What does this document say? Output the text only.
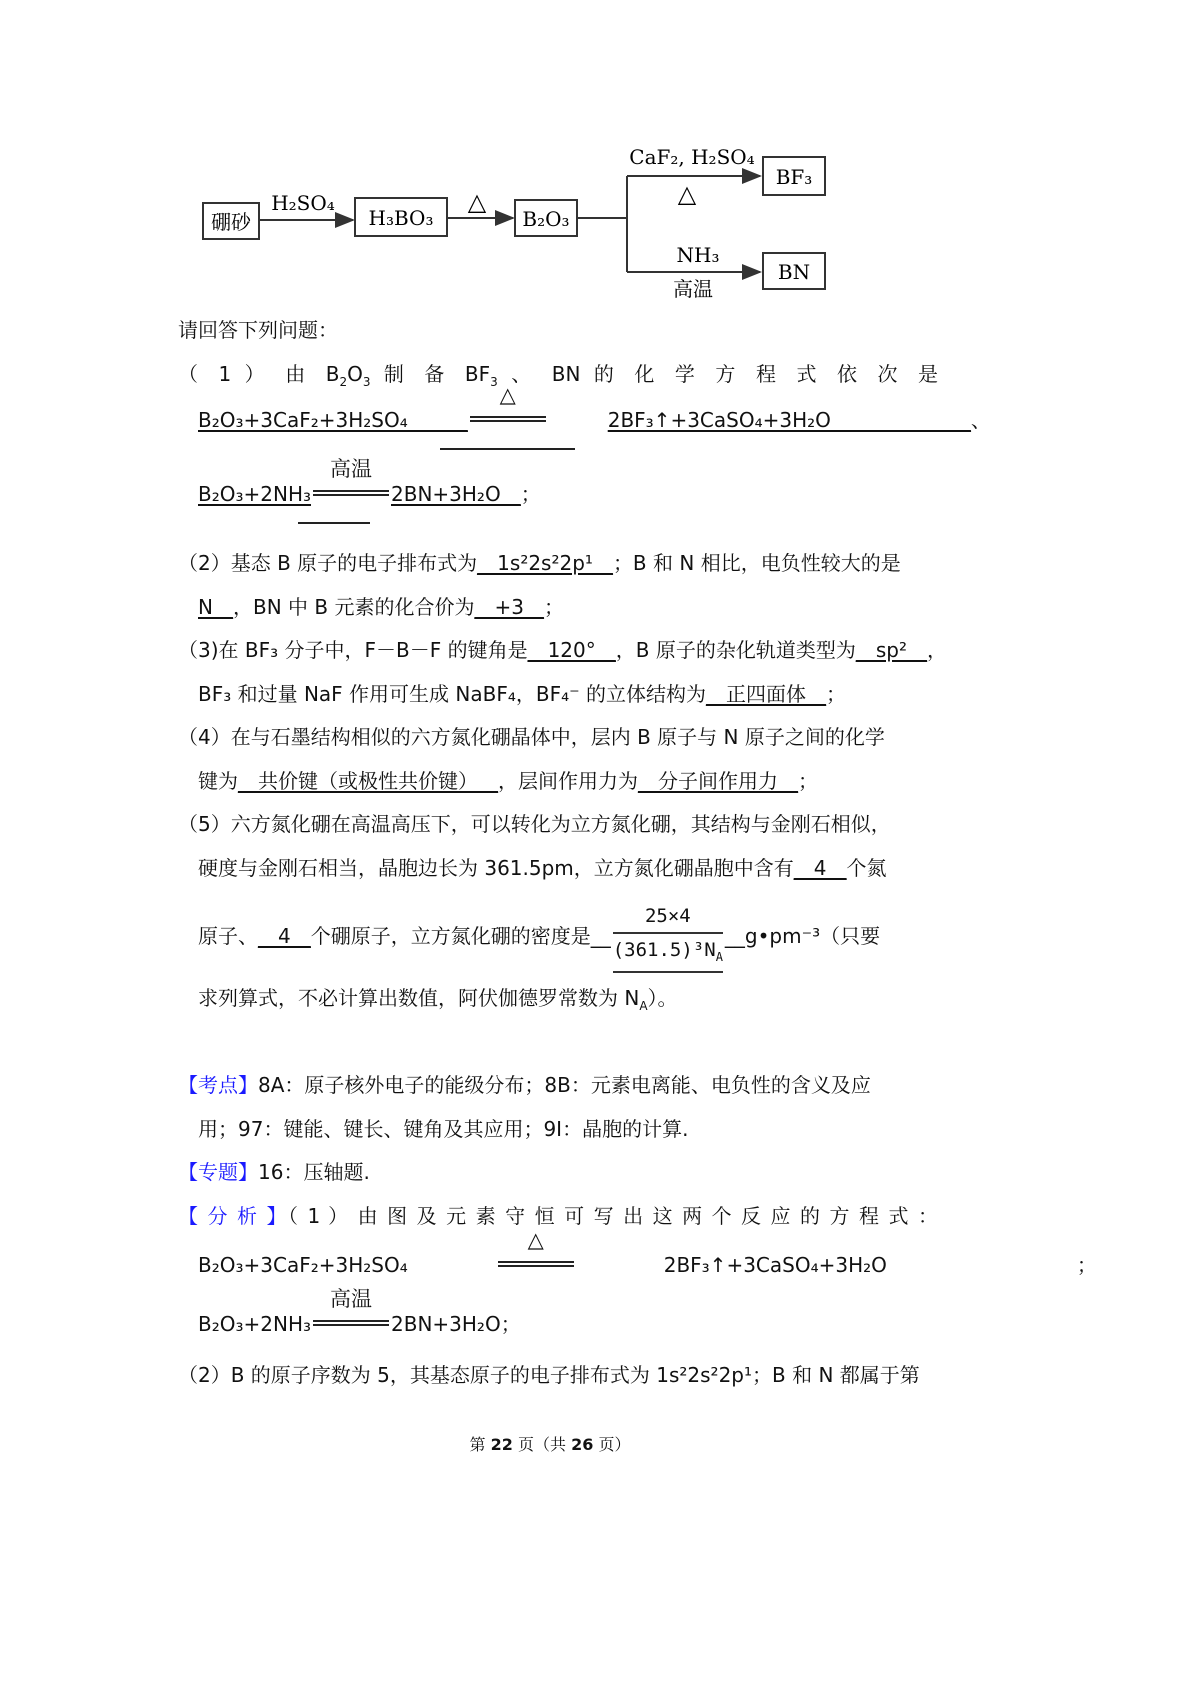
硼砂
H₂SO₄
H₃BO₃
△
B₂O₃
CaF₂, H₂SO₄
△
NH₃
高温
BF₃
BN
请回答下列问题：
（ 1 ） 由 $B_2O_3$ 制 备 $BF_3$ 、 BN 的 化 学 方 程 式 依 次 是
B₂O₃+3CaF₂+3H₂SO₄______
△
2BF₃↑+3CaSO₄+3H₂O______________、
B₂O₃+2NH₃
高温
2BN+3H₂O__；
（2）基态 B 原子的电子排布式为__1s²2s²2p¹__；B 和 N 相比，电负性较大的是
N__，BN 中 B 元素的化合价为__+3__；
（3)在 BF₃ 分子中，F－B－F 的键角是__120°__，B 原子的杂化轨道类型为__sp²__，
BF₃ 和过量 NaF 作用可生成 NaBF₄，BF₄⁻ 的立体结构为__正四面体__；
（4）在与石墨结构相似的六方氮化硼晶体中，层内 B 原子与 N 原子之间的化学
键为__共价键（或极性共价键）__，层间作用力为__分子间作用力__；
（5）六方氮化硼在高温高压下，可以转化为立方氮化硼，其结构与金刚石相似，
硬度与金刚石相当，晶胞边长为 361.5pm，立方氮化硼晶胞中含有__4__个氮
原子、__4__个硼原子，立方氮化硼的密度是__ $\frac{25\times 4}{(361.5)^3N_A}$ __g•pm⁻³（只要
求列算式，不必计算出数值，阿伏伽德罗常数为 $N_A$）。
【考点】8A：原子核外电子的能级分布；8B：元素电离能、电负性的含义及应
用；97：键能、键长、键角及其应用；9I：晶胞的计算.
【专题】16：压轴题.
【 分 析 】（ 1 ） 由 图 及 元 素 守 恒 可 写 出 这 两 个 反 应 的 方 程 式 ：
B₂O₃+3CaF₂+3H₂SO₄
△
2BF₃↑+3CaSO₄+3H₂O	；
B₂O₃+2NH₃
高温
2BN+3H₂O；
（2）B 的原子序数为 5，其基态原子的电子排布式为 1s²2s²2p¹；B 和 N 都属于第
第 22 页（共 26 页）
